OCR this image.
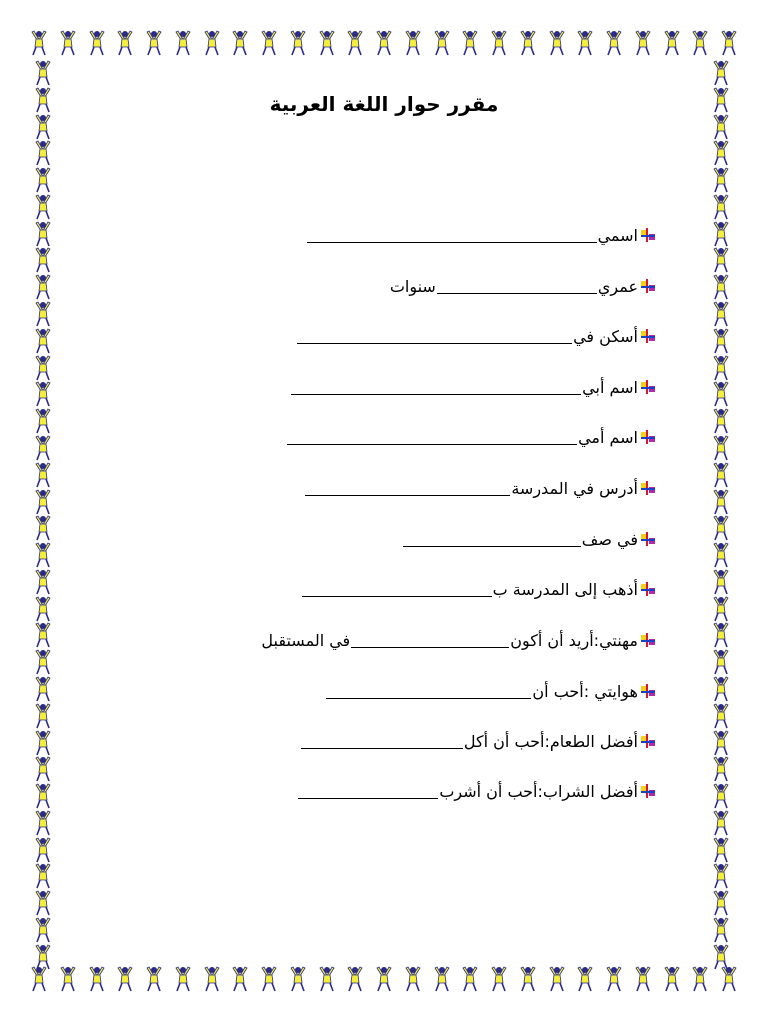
مقرر حوار اللغة العربية
اسمي
عمري
سنوات
أسكن في
اسم أبي
اسم أمي
أدرس في المدرسة
في صف
أذهب إلى المدرسة ب
مهنتي:أريد أن أكون
في المستقبل
هوايتي :أحب أن
أفضل الطعام:أحب أن أكل
أفضل الشراب:أحب أن أشرب
